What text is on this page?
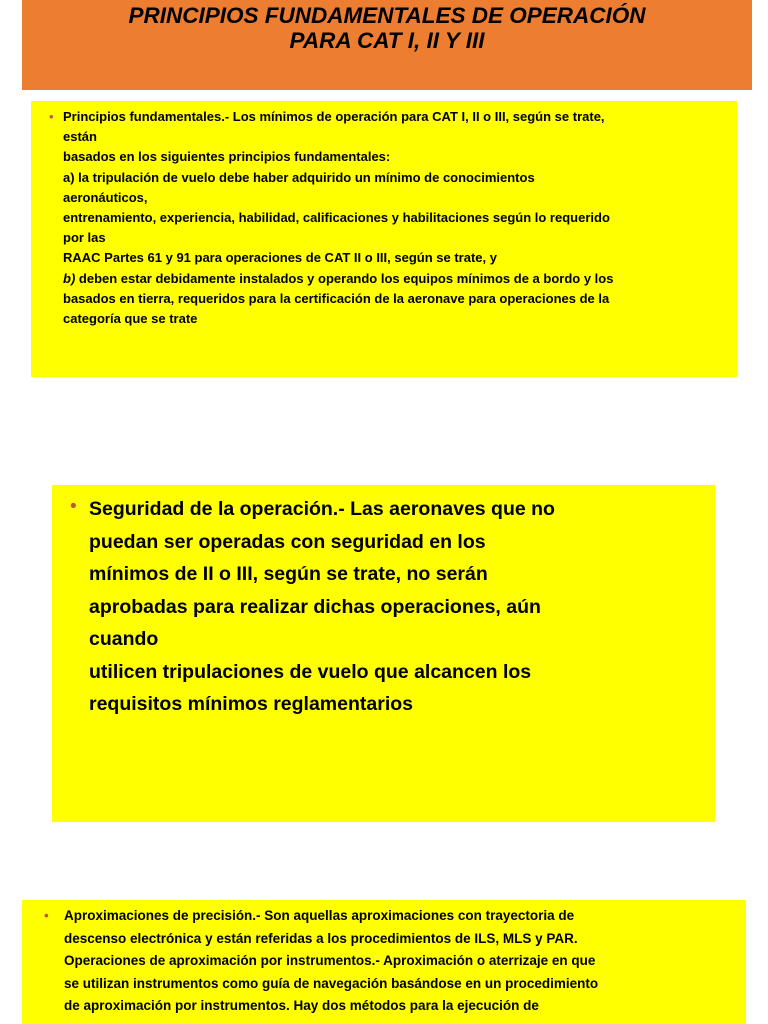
PRINCIPIOS FUNDAMENTALES DE OPERACIÓN
PARA CAT I, II Y III
• Principios fundamentales.- Los mínimos de operación para CAT I, II o III, según se trate,
están
basados en los siguientes principios fundamentales:
a) la tripulación de vuelo debe haber adquirido un mínimo de conocimientos
aeronáuticos,
entrenamiento, experiencia, habilidad, calificaciones y habilitaciones según lo requerido
por las
RAAC Partes 61 y 91 para operaciones de CAT II o III, según se trate, y
b) deben estar debidamente instalados y operando los equipos mínimos de a bordo y los
basados en tierra, requeridos para la certificación de la aeronave para operaciones de la
categoría que se trate
• Seguridad de la operación.- Las aeronaves que no
puedan ser operadas con seguridad en los
mínimos de II o III, según se trate, no serán
aprobadas para realizar dichas operaciones, aún
cuando
utilicen tripulaciones de vuelo que alcancen los
requisitos mínimos reglamentarios
• Aproximaciones de precisión.- Son aquellas aproximaciones con trayectoria de
descenso electrónica y están referidas a los procedimientos de ILS, MLS y PAR.
Operaciones de aproximación por instrumentos.- Aproximación o aterrizaje en que
se utilizan instrumentos como guía de navegación basándose en un procedimiento
de aproximación por instrumentos. Hay dos métodos para la ejecución de
